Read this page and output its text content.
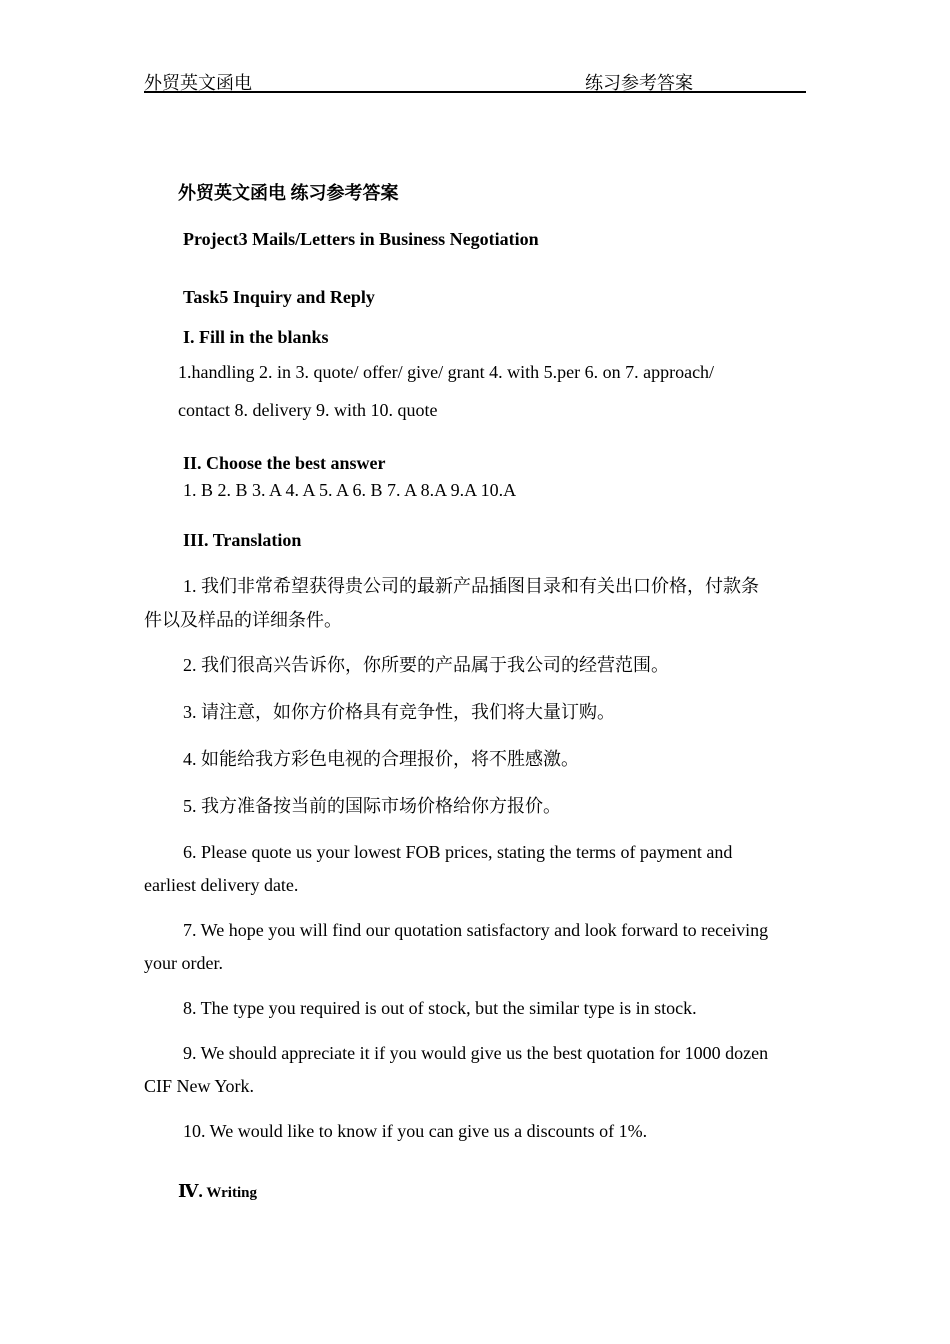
外贸英文函电	练习参考答案
外贸英文函电 练习参考答案
Project3 Mails/Letters in Business Negotiation
Task5 Inquiry and Reply
I. Fill in the blanks
1.handling 2. in 3. quote/ offer/ give/ grant 4. with 5.per 6. on 7. approach/
contact 8. delivery 9. with 10. quote
II. Choose the best answer
1. B 2. B 3. A 4. A 5. A 6. B 7. A 8.A 9.A 10.A
III. Translation
1. 我们非常希望获得贵公司的最新产品插图目录和有关出口价格，付款条
件以及样品的详细条件。
2. 我们很高兴告诉你，你所要的产品属于我公司的经营范围。
3. 请注意，如你方价格具有竞争性，我们将大量订购。
4. 如能给我方彩色电视的合理报价，将不胜感激。
5. 我方准备按当前的国际市场价格给你方报价。
6. Please quote us your lowest FOB prices, stating the terms of payment and
earliest delivery date.
7. We hope you will find our quotation satisfactory and look forward to receiving
your order.
8. The type you required is out of stock, but the similar type is in stock.
9. We should appreciate it if you would give us the best quotation for 1000 dozen
CIF New York.
10. We would like to know if you can give us a discounts of 1%.
Ⅳ. Writing
